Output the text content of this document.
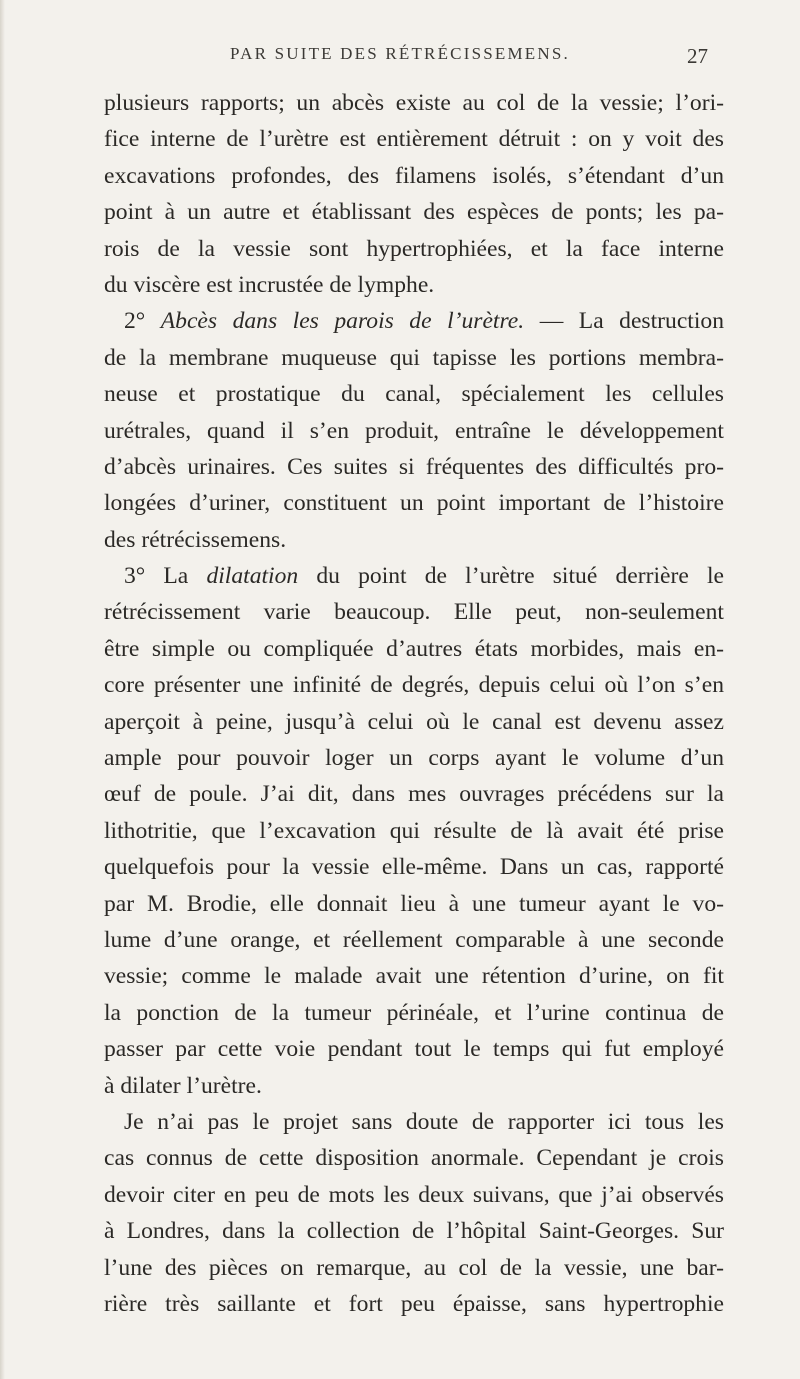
PAR SUITE DES RÉTRÉCISSEMENS.	27
plusieurs rapports; un abcès existe au col de la vessie; l’ori-
fice interne de l’urètre est entièrement détruit : on y voit des
excavations profondes, des filamens isolés, s’étendant d’un
point à un autre et établissant des espèces de ponts; les pa-
rois de la vessie sont hypertrophiées, et la face interne
du viscère est incrustée de lymphe.
2° Abcès dans les parois de l’urètre. — La destruction
de la membrane muqueuse qui tapisse les portions membra-
neuse et prostatique du canal, spécialement les cellules
urétrales, quand il s’en produit, entraîne le développement
d’abcès urinaires. Ces suites si fréquentes des difficultés pro-
longées d’uriner, constituent un point important de l’histoire
des rétrécissemens.
3° La dilatation du point de l’urètre situé derrière le
rétrécissement varie beaucoup. Elle peut, non-seulement
être simple ou compliquée d’autres états morbides, mais en-
core présenter une infinité de degrés, depuis celui où l’on s’en
aperçoit à peine, jusqu’à celui où le canal est devenu assez
ample pour pouvoir loger un corps ayant le volume d’un
œuf de poule. J’ai dit, dans mes ouvrages précédens sur la
lithotritie, que l’excavation qui résulte de là avait été prise
quelquefois pour la vessie elle-même. Dans un cas, rapporté
par M. Brodie, elle donnait lieu à une tumeur ayant le vo-
lume d’une orange, et réellement comparable à une seconde
vessie; comme le malade avait une rétention d’urine, on fit
la ponction de la tumeur périnéale, et l’urine continua de
passer par cette voie pendant tout le temps qui fut employé
à dilater l’urètre.
Je n’ai pas le projet sans doute de rapporter ici tous les
cas connus de cette disposition anormale. Cependant je crois
devoir citer en peu de mots les deux suivans, que j’ai observés
à Londres, dans la collection de l’hôpital Saint-Georges. Sur
l’une des pièces on remarque, au col de la vessie, une bar-
rière très saillante et fort peu épaisse, sans hypertrophie
